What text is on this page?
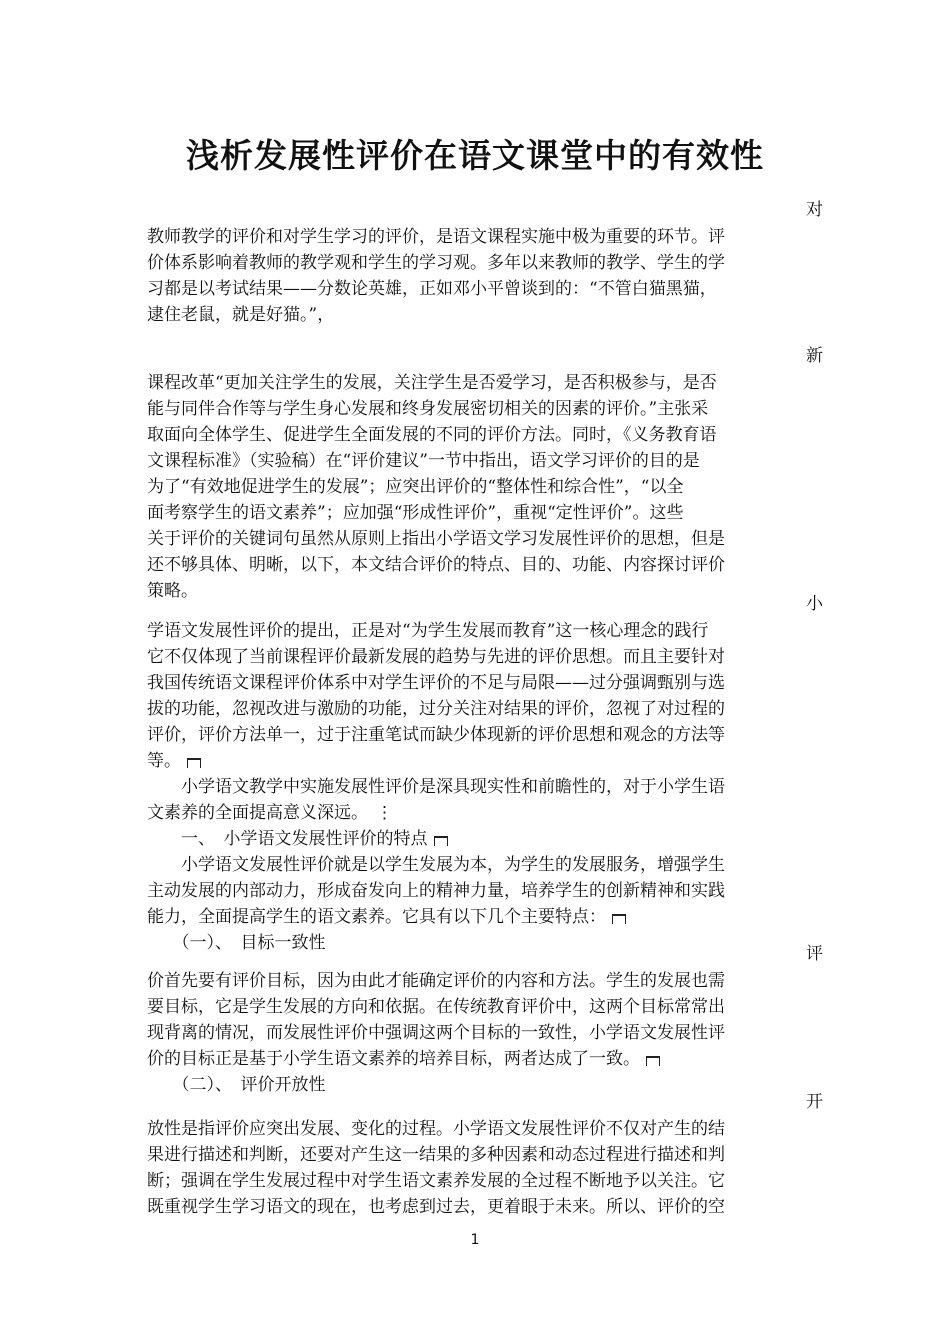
浅析发展性评价在语文课堂中的有效性
对
教师教学的评价和对学生学习的评价，是语文课程实施中极为重要的环节。评
价体系影响着教师的教学观和学生的学习观。多年以来教师的教学、学生的学
习都是以考试结果——分数论英雄，正如邓小平曾谈到的：“不管白猫黑猫，
逮住老鼠，就是好猫。”，
新
课程改革“更加关注学生的发展，关注学生是否爱学习，是否积极参与，是否
能与同伴合作等与学生身心发展和终身发展密切相关的因素的评价。”主张采
取面向全体学生、促进学生全面发展的不同的评价方法。同时，《义务教育语
文课程标准》（实验稿）在“评价建议”一节中指出，语文学习评价的目的是
为了“有效地促进学生的发展”；应突出评价的“整体性和综合性”，“以全
面考察学生的语文素养”；应加强“形成性评价”，重视“定性评价”。这些
关于评价的关键词句虽然从原则上指出小学语文学习发展性评价的思想，但是
还不够具体、明晰，以下，本文结合评价的特点、目的、功能、内容探讨评价
策略。
小
学语文发展性评价的提出，正是对“为学生发展而教育”这一核心理念的践行
它不仅体现了当前课程评价最新发展的趋势与先进的评价思想。而且主要针对
我国传统语文课程评价体系中对学生评价的不足与局限——过分强调甄别与选
拔的功能，忽视改进与激励的功能，过分关注对结果的评价，忽视了对过程的
评价，评价方法单一，过于注重笔试而缺少体现新的评价思想和观念的方法等
等。
　　小学语文教学中实施发展性评价是深具现实性和前瞻性的，对于小学生语
文素养的全面提高意义深远。 ⋮
　　一、　小学语文发展性评价的特点
　　小学语文发展性评价就是以学生发展为本，为学生的发展服务，增强学生
主动发展的内部动力，形成奋发向上的精神力量，培养学生的创新精神和实践
能力，全面提高学生的语文素养。它具有以下几个主要特点：
　　（一）、　目标一致性
评
价首先要有评价目标，因为由此才能确定评价的内容和方法。学生的发展也需
要目标，它是学生发展的方向和依据。在传统教育评价中，这两个目标常常出
现背离的情况，而发展性评价中强调这两个目标的一致性，小学语文发展性评
价的目标正是基于小学生语文素养的培养目标，两者达成了一致。
　　（二）、　评价开放性
开
放性是指评价应突出发展、变化的过程。小学语文发展性评价不仅对产生的结
果进行描述和判断，还要对产生这一结果的多种因素和动态过程进行描述和判
断；强调在学生发展过程中对学生语文素养发展的全过程不断地予以关注。它
既重视学生学习语文的现在，也考虑到过去，更着眼于未来。所以、评价的空
1
